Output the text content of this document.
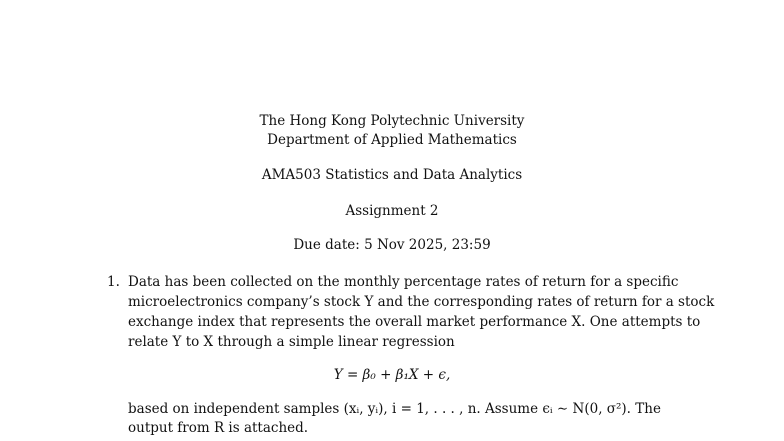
The Hong Kong Polytechnic University
Department of Applied Mathematics
AMA503 Statistics and Data Analytics
Assignment 2
Due date: 5 Nov 2025, 23:59
1. Data has been collected on the monthly percentage rates of return for a specific
microelectronics company’s stock Y and the corresponding rates of return for a stock
exchange index that represents the overall market performance X. One attempts to
relate Y to X through a simple linear regression
Y = β₀ + β₁X + ϵ,
based on independent samples (xᵢ, yᵢ), i = 1, . . . , n. Assume ϵᵢ ∼ N(0, σ²). The
output from R is attached.
